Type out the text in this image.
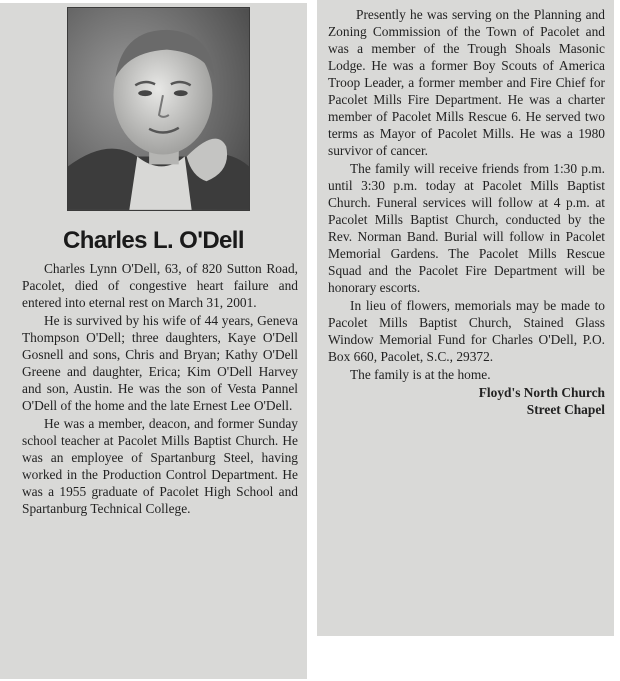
Charles L. O'Dell

Charles Lynn O'Dell, 63, of 820 Sutton Road, Pacolet, died of congestive heart failure and entered into eternal rest on March 31, 2001.

He is survived by his wife of 44 years, Geneva Thompson O'Dell; three daughters, Kaye O'Dell Gosnell and sons, Chris and Bryan; Kathy O'Dell Greene and daughter, Erica; Kim O'Dell Harvey and son, Austin. He was the son of Vesta Pannel O'Dell of the home and the late Ernest Lee O'Dell.

He was a member, deacon, and former Sunday school teacher at Pacolet Mills Baptist Church. He was an employee of Spartanburg Steel, having worked in the Production Control Department. He was a 1955 graduate of Pacolet High School and Spartanburg Technical College.

Presently he was serving on the Planning and Zoning Commission of the Town of Pacolet and was a member of the Trough Shoals Masonic Lodge. He was a former Boy Scouts of America Troop Leader, a former member and Fire Chief for Pacolet Mills Fire Department. He was a charter member of Pacolet Mills Rescue 6. He served two terms as Mayor of Pacolet Mills. He was a 1980 survivor of cancer.

The family will receive friends from 1:30 p.m. until 3:30 p.m. today at Pacolet Mills Baptist Church. Funeral services will follow at 4 p.m. at Pacolet Mills Baptist Church, conducted by the Rev. Norman Band. Burial will follow in Pacolet Memorial Gardens. The Pacolet Mills Rescue Squad and the Pacolet Fire Department will be honorary escorts.

In lieu of flowers, memorials may be made to Pacolet Mills Baptist Church, Stained Glass Window Memorial Fund for Charles O'Dell, P.O. Box 660, Pacolet, S.C., 29372.

The family is at the home.

Floyd's North Church
Street Chapel
